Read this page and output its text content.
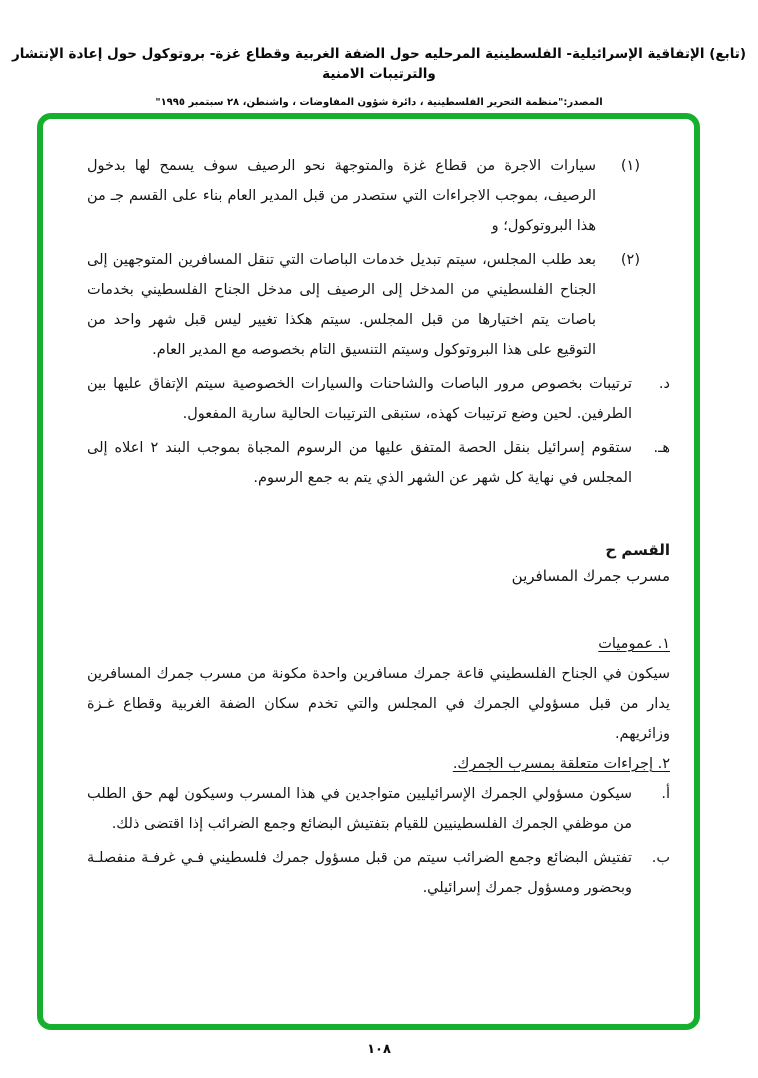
(تابع) الإتفاقية الإسرائيلية- الفلسطينية المرحليه حول الضفة الغربية وقطاع غزة- بروتوكول حول إعادة الإنتشار والترتيبات الامنية
المصدر:"منظمة التحرير الفلسطينية ، دائرة شؤون المفاوضات ، واشنطن، ٢٨ سبتمبر ١٩٩٥"
(١)
سيارات الاجرة من قطاع غزة والمتوجهة نحو الرصيف سوف يسمح لها بدخول الرصيف، بموجب الاجراءات التي ستصدر من قبل المدير العام بناء على القسم جـ من هذا البروتوكول؛ و
(٢)
بعد طلب المجلس، سيتم تبديل خدمات الباصات التي تنقل المسافرين المتوجهين إلى الجناح الفلسطيني من المدخل إلى الرصيف إلى مدخل الجناح الفلسطيني بخدمات باصات يتم اختيارها من قبل المجلس. سيتم هكذا تغيير ليس قبل شهر واحد من التوقيع على هذا البروتوكول وسيتم التنسيق التام بخصوصه مع المدير العام.
د.
ترتيبات بخصوص مرور الباصات والشاحنات والسيارات الخصوصية سيتم الإتفاق عليها بين الطرفين. لحين وضع ترتيبات كهذه، ستبقى الترتيبات الحالية سارية المفعول.
هـ.
ستقوم إسرائيل بنقل الحصة المتفق عليها من الرسوم المجباة بموجب البند ٢ اعلاه إلى المجلس في نهاية كل شهر عن الشهر الذي يتم به جمع الرسوم.
القسم ح
مسرب جمرك المسافرين
١. عموميات
سيكون في الجناح الفلسطيني قاعة جمرك مسافرين واحدة مكونة من مسرب جمرك المسافرين يدار من قبل مسؤولي الجمرك في المجلس والتي تخدم سكان الضفة الغربية وقطاع غـزة وزائريهم.
٢. إجراءات متعلقة بمسرب الجمرك.
أ.
سيكون مسؤولي الجمرك الإسرائيليين متواجدين في هذا المسرب وسيكون لهم حق الطلب من موظفي الجمرك الفلسطينيين للقيام بتفتيش البضائع وجمع الضرائب إذا اقتضى ذلك.
ب.
تفتيش البضائع وجمع الضرائب سيتم من قبل مسؤول جمرك فلسطيني فـي غرفـة منفصلـة وبحضور ومسؤول جمرك إسرائيلي.
١٠٨
